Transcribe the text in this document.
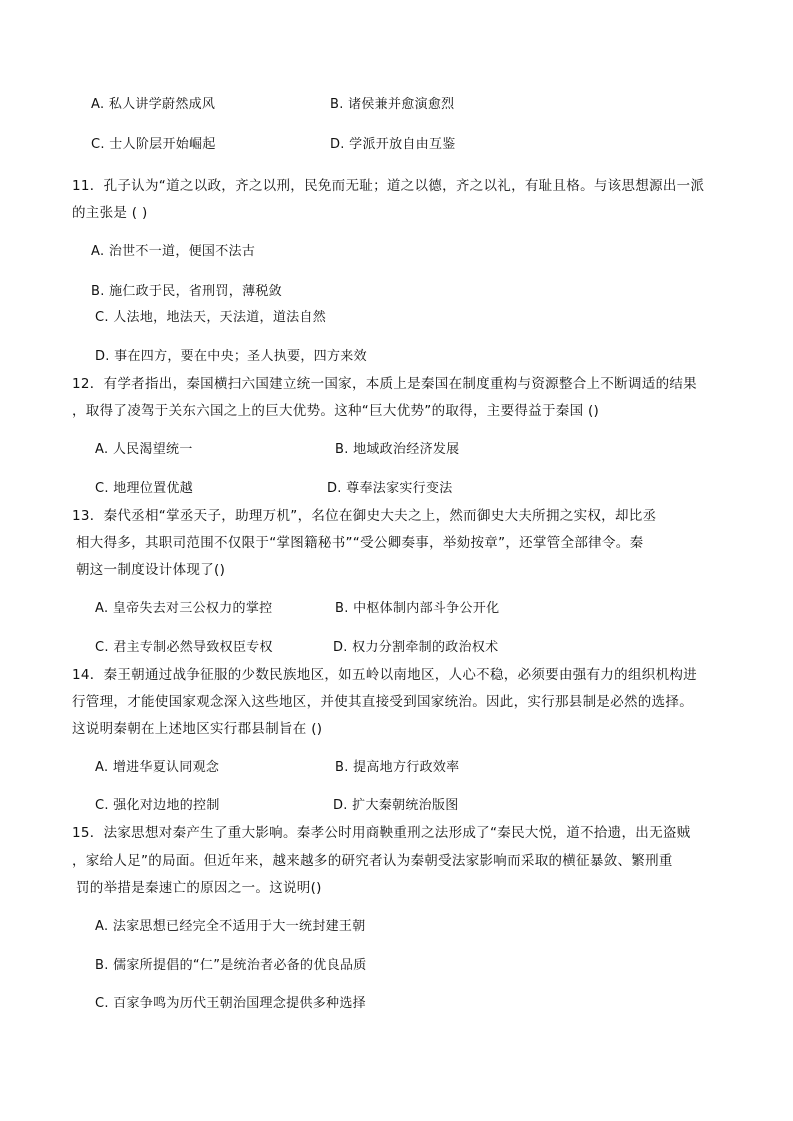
A. 私人讲学蔚然成风	B. 诸侯兼并愈演愈烈
C. 士人阶层开始崛起	D. 学派开放自由互鉴
11．孔子认为“道之以政，齐之以刑，民免而无耻；道之以德，齐之以礼，有耻且格。与该思想源出一派
的主张是 ( )
A. 治世不一道，便国不法古
B. 施仁政于民，省刑罚，薄税敛
C. 人法地，地法天，天法道，道法自然
D. 事在四方，要在中央；圣人执要，四方来效
12．有学者指出，秦国横扫六国建立统一国家，本质上是秦国在制度重构与资源整合上不断调适的结果
，取得了凌驾于关东六国之上的巨大优势。这种“巨大优势”的取得，主要得益于秦国 ()
A. 人民渴望统一	B. 地域政治经济发展
C. 地理位置优越	D. 尊奉法家实行变法
13．秦代丞相“掌丞天子，助理万机”，名位在御史大夫之上，然而御史大夫所拥之实权，却比丞
相大得多，其职司范围不仅限于“掌图籍秘书”“受公卿奏事，举劾按章”，还掌管全部律令。秦
朝这一制度设计体现了()
A. 皇帝失去对三公权力的掌控	B. 中枢体制内部斗争公开化
C. 君主专制必然导致权臣专权	D. 权力分割牵制的政治权术
14．秦王朝通过战争征服的少数民族地区，如五岭以南地区，人心不稳，必须要由强有力的组织机构进
行管理，才能使国家观念深入这些地区，并使其直接受到国家统治。因此，实行那县制是必然的选择。
这说明秦朝在上述地区实行郡县制旨在 ()
A. 增进华夏认同观念	B. 提高地方行政效率
C. 强化对边地的控制	D. 扩大秦朝统治版图
15．法家思想对秦产生了重大影响。秦孝公时用商鞅重刑之法形成了“秦民大悦，道不拾遗，出无盗贼
，家给人足”的局面。但近年来，越来越多的研究者认为秦朝受法家影响而采取的横征暴敛、繁刑重
罚的举措是秦速亡的原因之一。这说明()
A. 法家思想已经完全不适用于大一统封建王朝
B. 儒家所提倡的“仁”是统治者必备的优良品质
C. 百家争鸣为历代王朝治国理念提供多种选择
